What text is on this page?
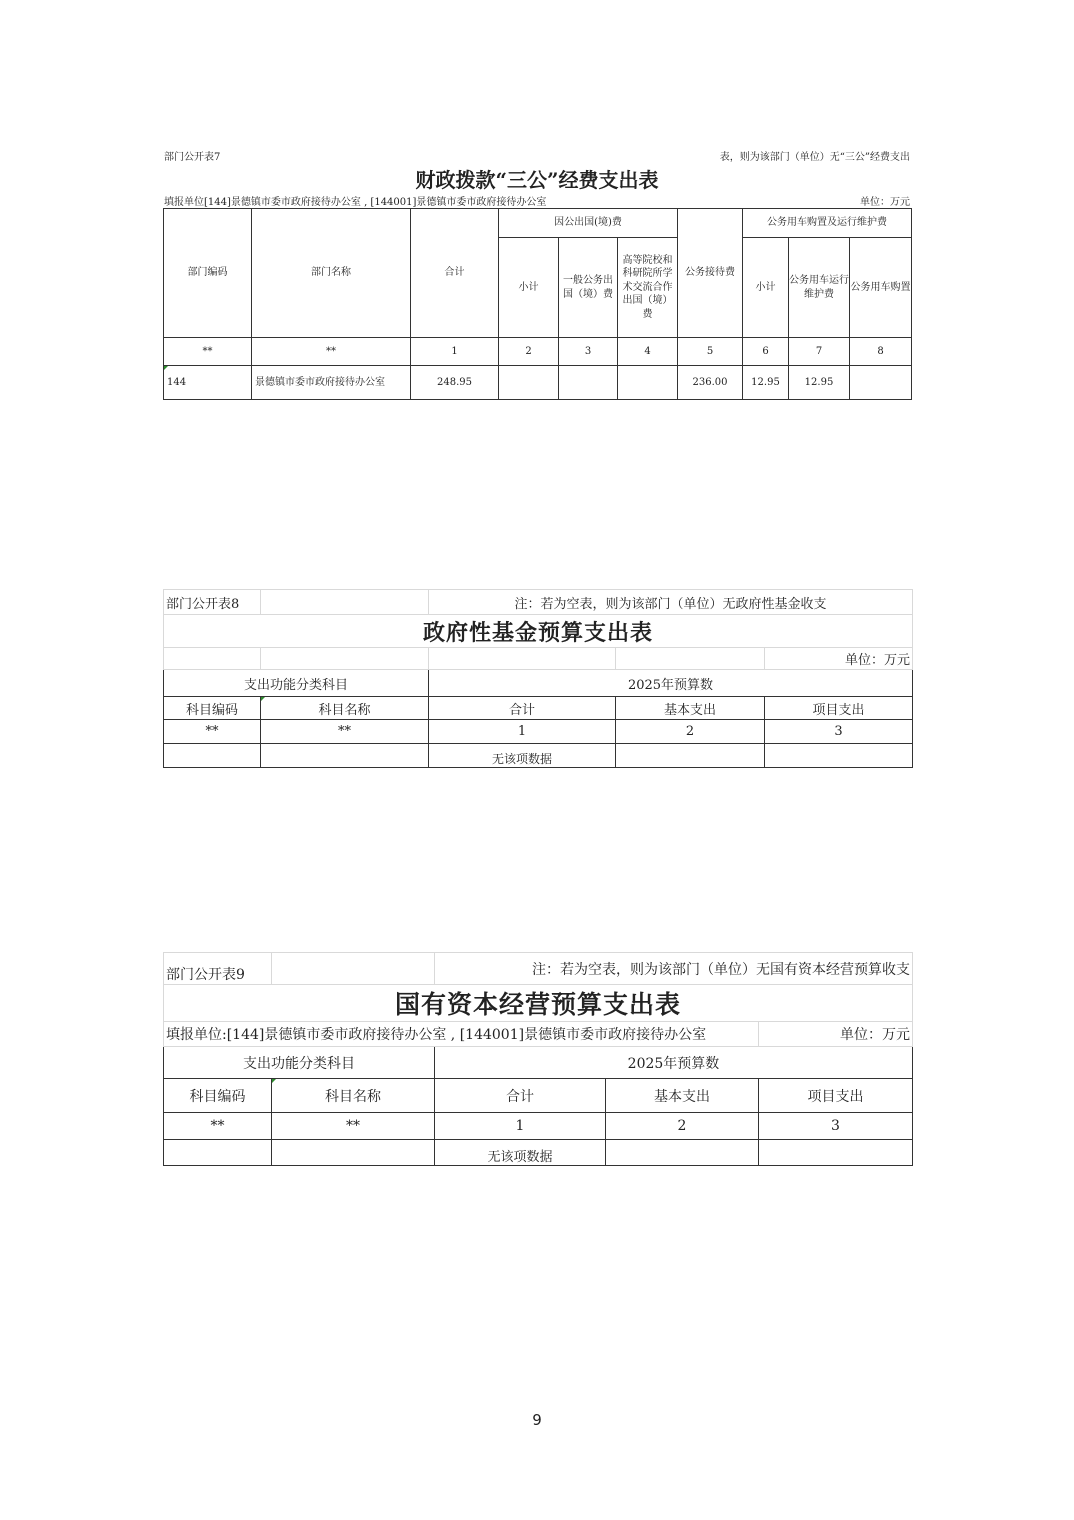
部门公开表7	表，则为该部门（单位）无“三公”经费支出
财政拨款“三公”经费支出表
填报单位[144]景德镇市委市政府接待办公室 , [144001]景德镇市委市政府接待办公室	单位：万元
部门编码	部门名称	合计	因公出国(境)费			公务接待费	公务用车购置及运行维护费		
			小计	一般公务出国（境）费	高等院校和科研院所学术交流合作出国（境）费		小计	公务用车运行维护费	公务用车购置
**	**	1	2	3	4	5	6	7	8
144	景德镇市委市政府接待办公室	248.95				236.00	12.95	12.95	
部门公开表8		注：若为空表，则为该部门（单位）无政府性基金收支		
政府性基金预算支出表				
				单位：万元
支出功能分类科目		2025年预算数		
科目编码	科目名称	合计	基本支出	项目支出
**	**	1	2	3
		无该项数据		
部门公开表9		注：若为空表，则为该部门（单位）无国有资本经营预算收支		
国有资本经营预算支出表				
填报单位:[144]景德镇市委市政府接待办公室 , [144001]景德镇市委市政府接待办公室				单位：万元
支出功能分类科目		2025年预算数		
科目编码	科目名称	合计	基本支出	项目支出
**	**	1	2	3
		无该项数据		
9
